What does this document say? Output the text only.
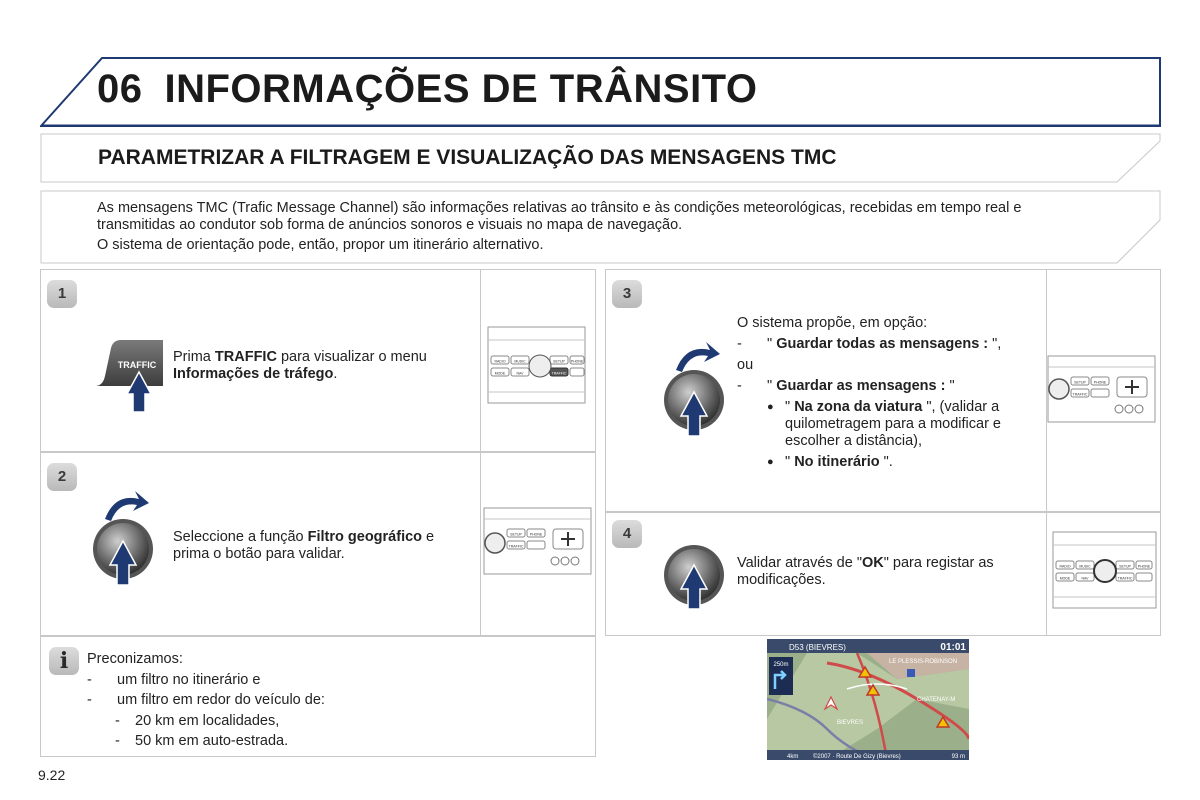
06 INFORMAÇÕES DE TRÂNSITO
PARAMETRIZAR A FILTRAGEM E VISUALIZAÇÃO DAS MENSAGENS TMC

As mensagens TMC (Trafic Message Channel) são informações relativas ao trânsito e às condições meteorológicas, recebidas em tempo real e transmitidas ao condutor sob forma de anúncios sonoros e visuais no mapa de navegação.

O sistema de orientação pode, então, propor um itinerário alternativo.

1
TRAFFIC Prima TRAFFIC para visualizar o menu Informações de tráfego.
RADIO	MUSIC	SETUP PHONE
MODE	NAV	TRAFFIC
2
Seleccione a função Filtro geográfico e prima o botão para validar.
SETUP PHONE
TRAFFIC
3
O sistema propõe, em opção:
- " Guardar todas as mensagens : ",
ou
- " Guardar as mensagens : "
● " Na zona da viatura ", (validar a quilometragem para a modificar e escolher a distância),
● " No itinerário ".
SETUP PHONE
TRAFFIC
4
Validar através de "OK" para registar as modificações.
RADIO	MUSIC	SETUP PHONE
MODE	NAV	TRAFFIC
i	Preconizamos:
- um filtro no itinerário e
- um filtro em redor do veículo de:
- 20 km em localidades,
- 50 km em auto-estrada.
D53 (BIEVRES)	01:01
250m	LE PLESSIS-ROBINSON
CHATENAY-M
BIEVRES
4km ©2007 · Route De Gizy (Bievres)	93 m
9.22
